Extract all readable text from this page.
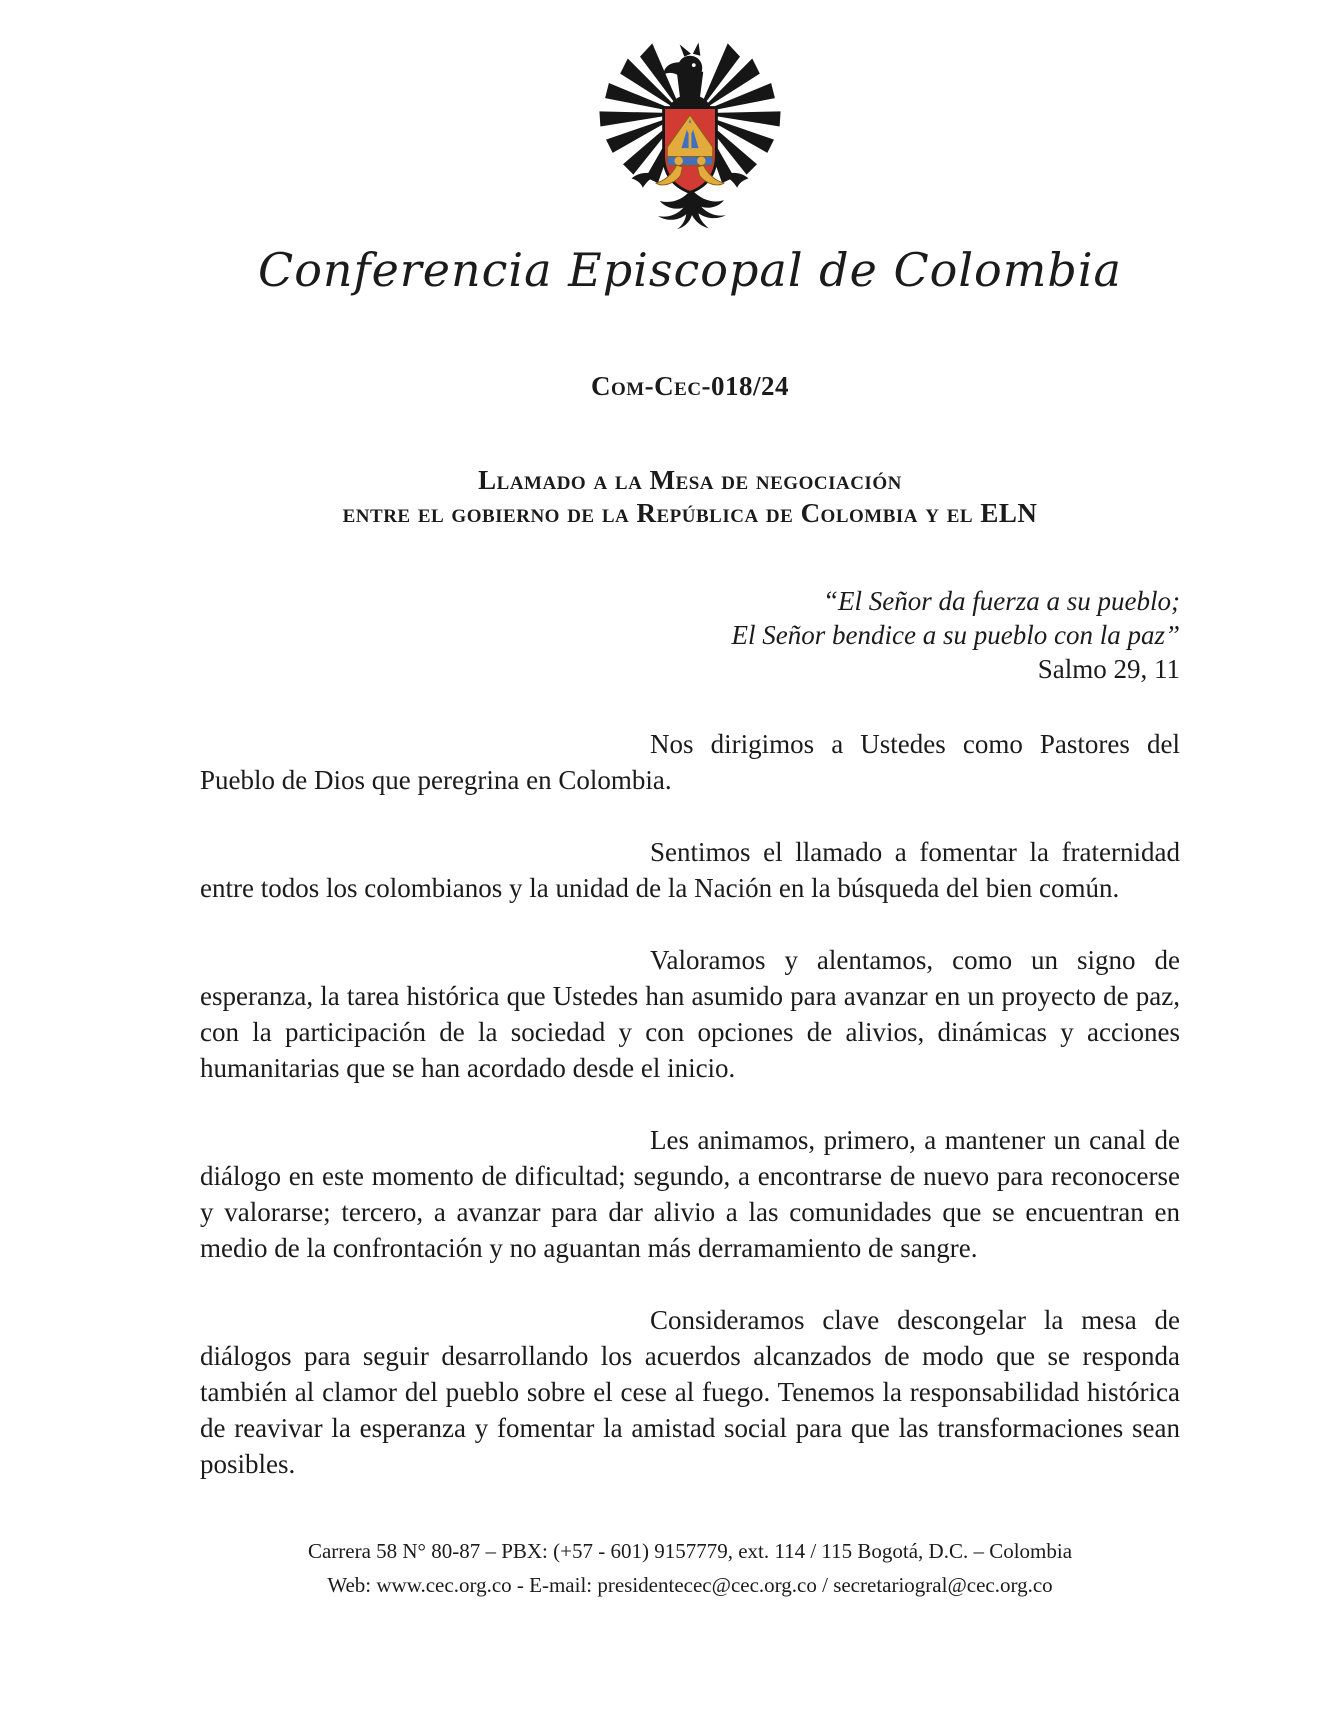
Conferencia Episcopal de Colombia
Com-Cec-018/24
Llamado a la Mesa de negociación
entre el gobierno de la República de Colombia y el ELN
“El Señor da fuerza a su pueblo;
El Señor bendice a su pueblo con la paz”
Salmo 29, 11

Nos dirigimos a Ustedes como Pastores del Pueblo de Dios que peregrina en Colombia.

Sentimos el llamado a fomentar la fraternidad entre todos los colombianos y la unidad de la Nación en la búsqueda del bien común.

Valoramos y alentamos, como un signo de esperanza, la tarea histórica que Ustedes han asumido para avanzar en un proyecto de paz, con la participación de la sociedad y con opciones de alivios, dinámicas y acciones humanitarias que se han acordado desde el inicio.

Les animamos, primero, a mantener un canal de diálogo en este momento de dificultad; segundo, a encontrarse de nuevo para reconocerse y valorarse; tercero, a avanzar para dar alivio a las comunidades que se encuentran en medio de la confrontación y no aguantan más derramamiento de sangre.

Consideramos clave descongelar la mesa de diálogos para seguir desarrollando los acuerdos alcanzados de modo que se responda también al clamor del pueblo sobre el cese al fuego. Tenemos la responsabilidad histórica de reavivar la esperanza y fomentar la amistad social para que las transformaciones sean posibles.

Carrera 58 N° 80-87 – PBX: (+57 - 601) 9157779, ext. 114 / 115 Bogotá, D.C. – Colombia
Web: www.cec.org.co - E-mail: presidentecec@cec.org.co / secretariogral@cec.org.co
